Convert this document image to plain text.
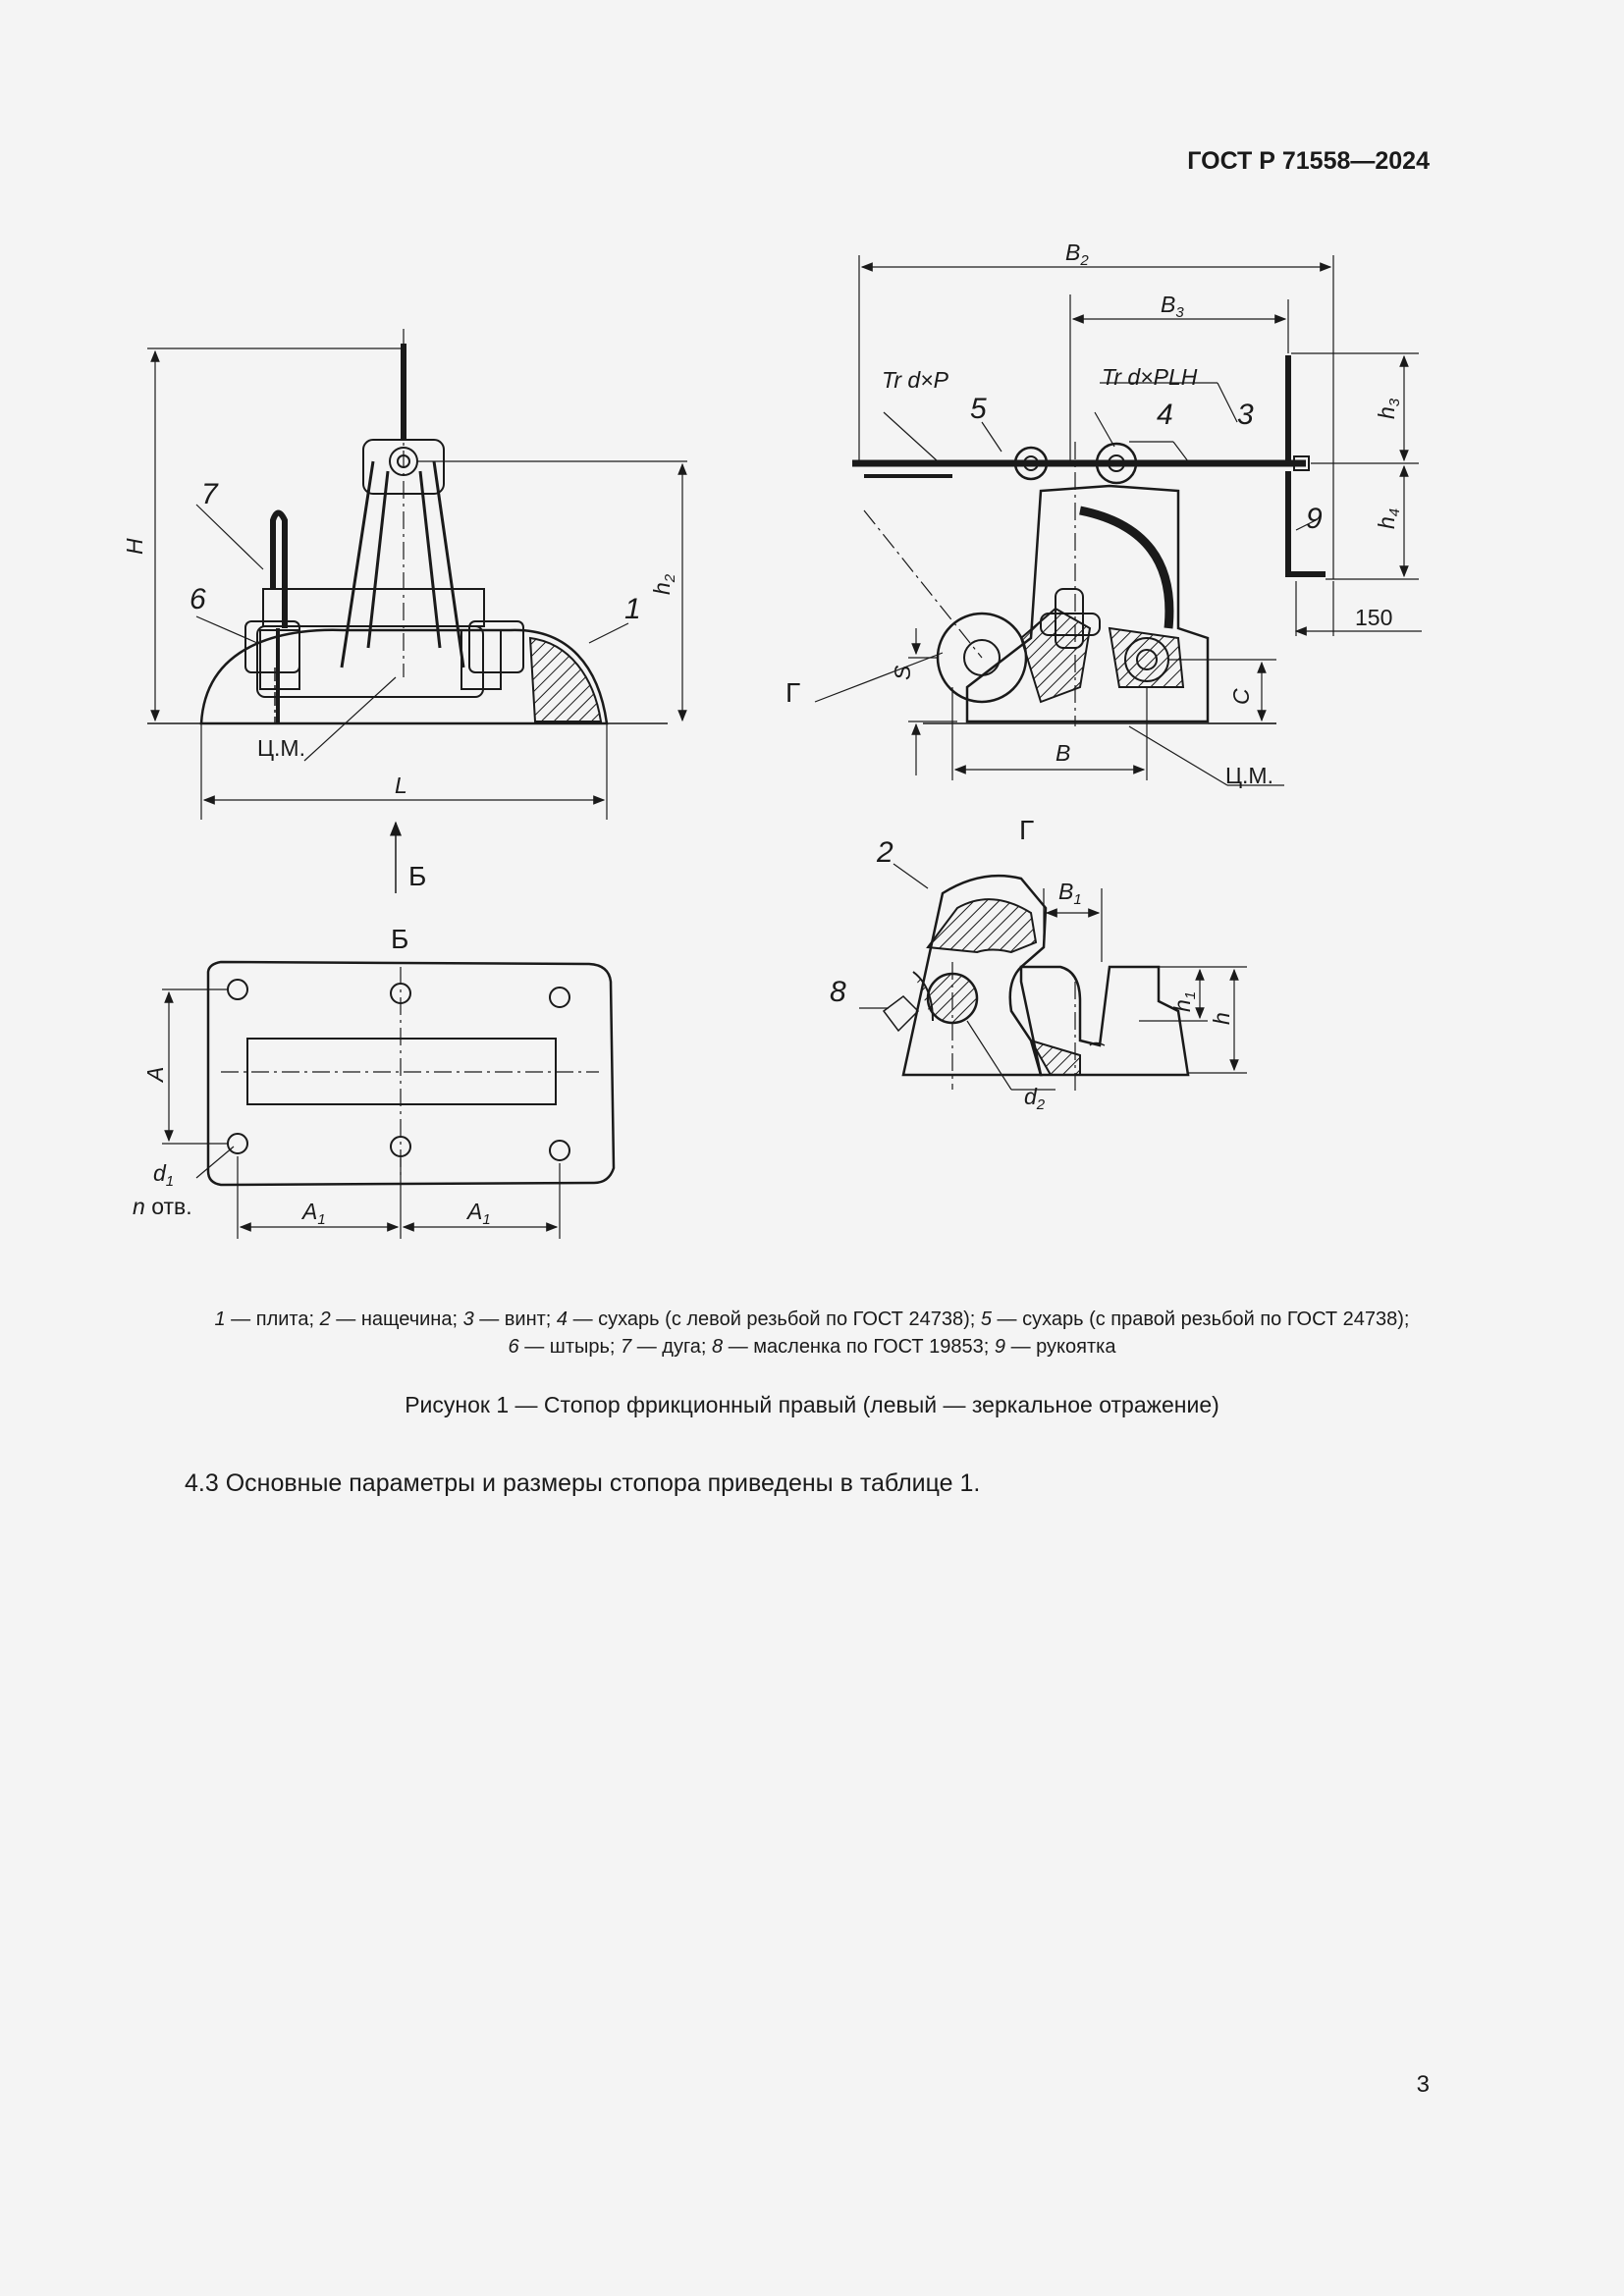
ГОСТ Р 71558—2024
H
$h_2$
L
Ц.М.
7
6	1
Б
Б
A
$A_1$	$A_1$
$d_1$
n отв.
$B_2$
$B_3$
Tr d×P	Tr d×PLH
5	4 3
9
$h_3$
$h_4$
150
Г
S
C
B
Ц.М.
Г
2
8
$B_1$
$h_1$
h
$d_2$
1 — плита; 2 — нащечина; 3 — винт; 4 — сухарь (с левой резьбой по ГОСТ 24738); 5 — сухарь (с правой резьбой по ГОСТ 24738);
6 — штырь; 7 — дуга; 8 — масленка по ГОСТ 19853; 9 — рукоятка
Рисунок 1 — Стопор фрикционный правый (левый — зеркальное отражение)
4.3 Основные параметры и размеры стопора приведены в таблице 1.
3
